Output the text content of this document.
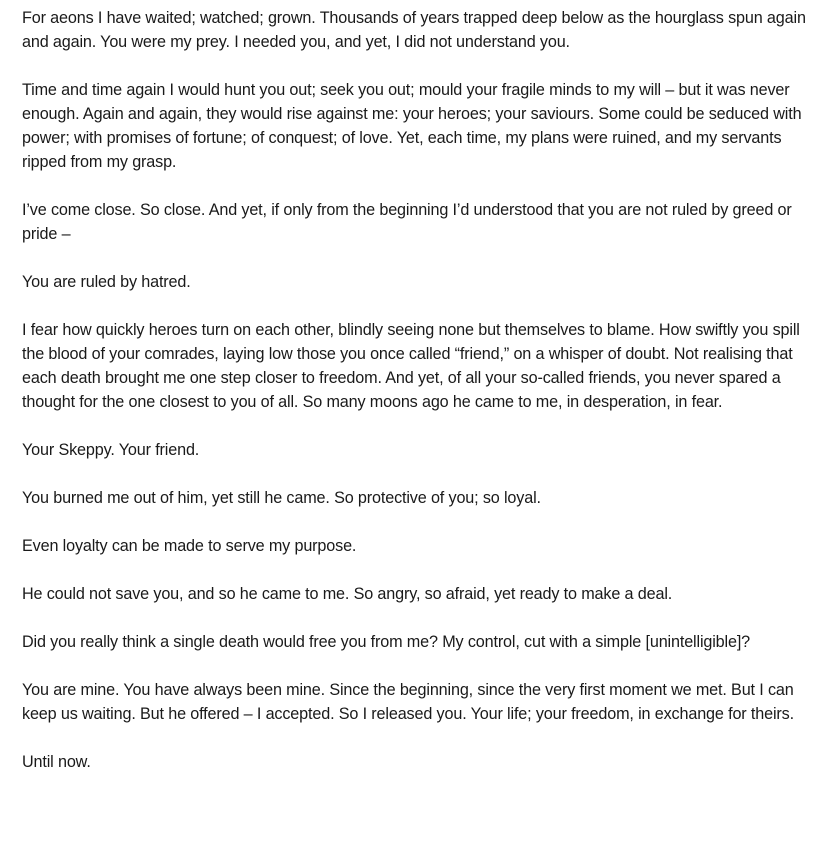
For aeons I have waited; watched; grown. Thousands of years trapped deep below as the hourglass spun again and again. You were my prey. I needed you, and yet, I did not understand you.

Time and time again I would hunt you out; seek you out; mould your fragile minds to my will – but it was never enough. Again and again, they would rise against me: your heroes; your saviours. Some could be seduced with power; with promises of fortune; of conquest; of love. Yet, each time, my plans were ruined, and my servants ripped from my grasp.

I’ve come close. So close. And yet, if only from the beginning I’d understood that you are not ruled by greed or pride –

You are ruled by hatred.

I fear how quickly heroes turn on each other, blindly seeing none but themselves to blame. How swiftly you spill the blood of your comrades, laying low those you once called “friend,” on a whisper of doubt. Not realising that each death brought me one step closer to freedom. And yet, of all your so-called friends, you never spared a thought for the one closest to you of all. So many moons ago he came to me, in desperation, in fear.

Your Skeppy. Your friend.

You burned me out of him, yet still he came. So protective of you; so loyal.

Even loyalty can be made to serve my purpose.

He could not save you, and so he came to me. So angry, so afraid, yet ready to make a deal.

Did you really think a single death would free you from me? My control, cut with a simple [unintelligible]?

You are mine. You have always been mine. Since the beginning, since the very first moment we met. But I can keep us waiting. But he offered – I accepted. So I released you. Your life; your freedom, in exchange for theirs.

Until now.
